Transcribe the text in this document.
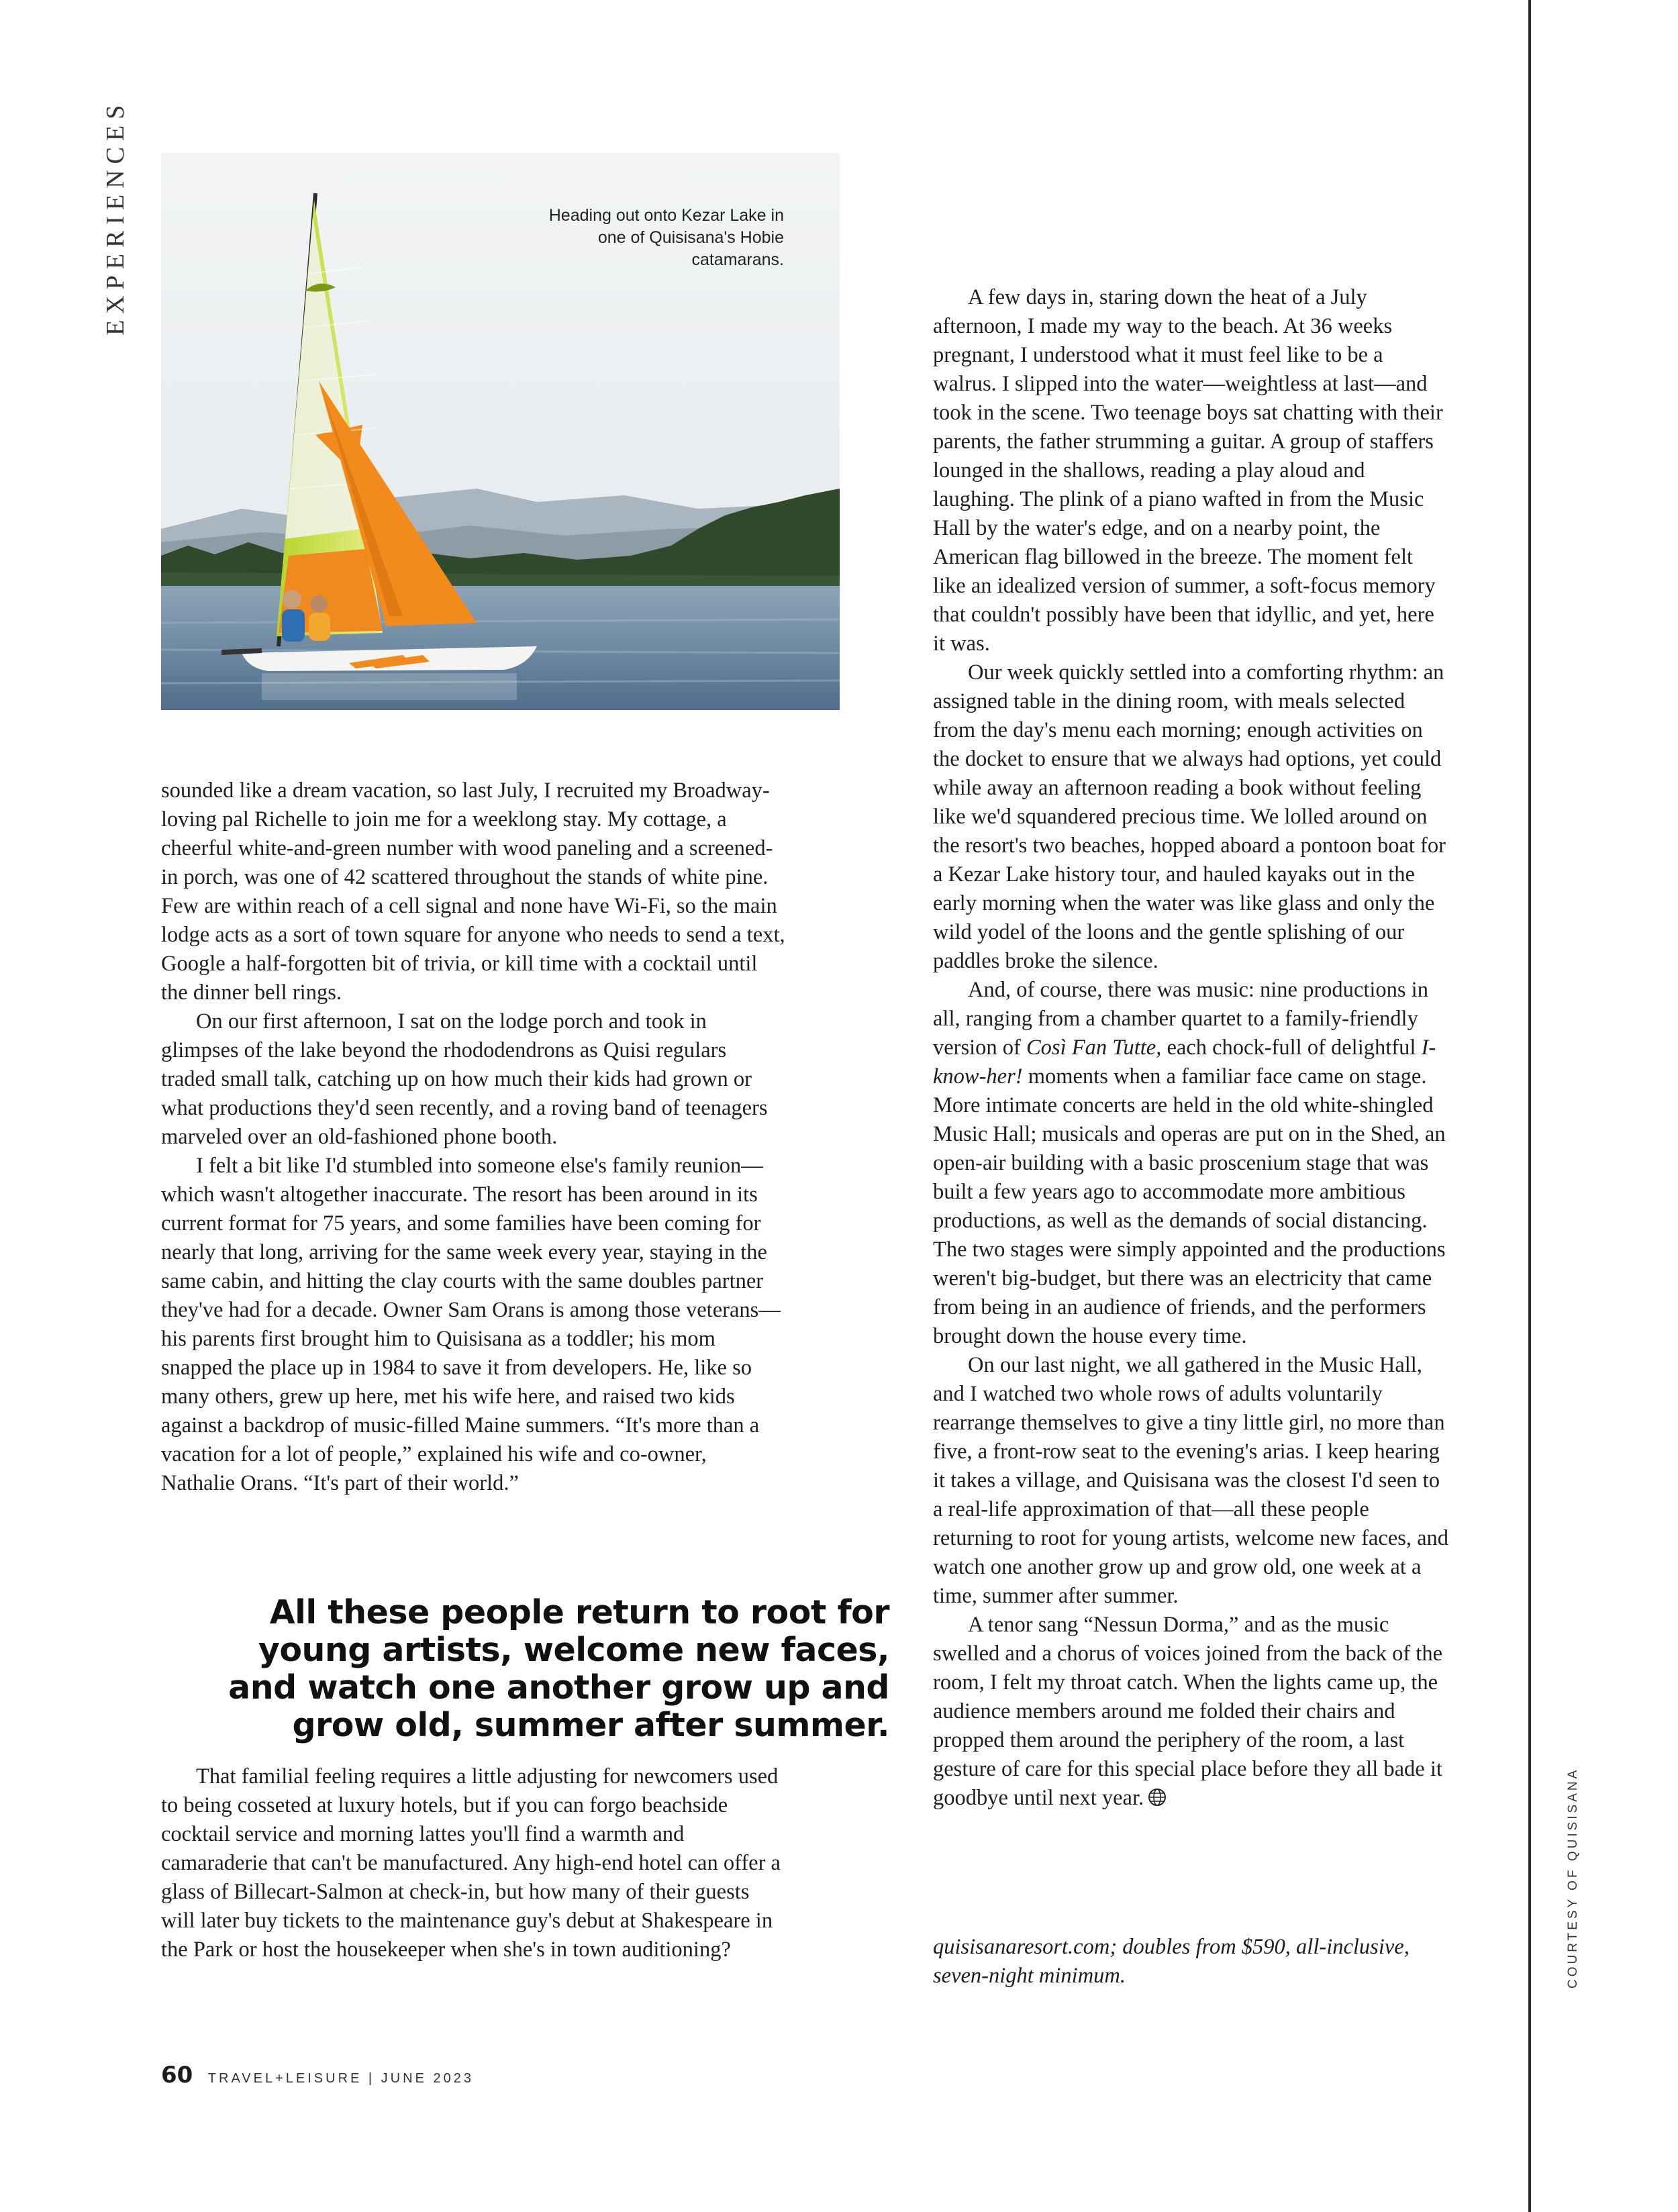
EXPERIENCES	Heading out onto Kezar Lake in one of Quisisana's Hobie catamarans.
COURTESY OF QUISISANA

sounded like a dream vacation, so last July, I recruited my Broadway-loving pal Richelle to join me for a weeklong stay. My cottage, a cheerful white-and-green number with wood paneling and a screened-in porch, was one of 42 scattered throughout the stands of white pine. Few are within reach of a cell signal and none have Wi-Fi, so the main lodge acts as a sort of town square for anyone who needs to send a text, Google a half-forgotten bit of trivia, or kill time with a cocktail until the dinner bell rings.

On our first afternoon, I sat on the lodge porch and took in glimpses of the lake beyond the rhododendrons as Quisi regulars traded small talk, catching up on how much their kids had grown or what productions they'd seen recently, and a roving band of teenagers marveled over an old-fashioned phone booth.

I felt a bit like I'd stumbled into someone else's family reunion—which wasn't altogether inaccurate. The resort has been around in its current format for 75 years, and some families have been coming for nearly that long, arriving for the same week every year, staying in the same cabin, and hitting the clay courts with the same doubles partner they've had for a decade. Owner Sam Orans is among those veterans—his parents first brought him to Quisisana as a toddler; his mom snapped the place up in 1984 to save it from developers. He, like so many others, grew up here, met his wife here, and raised two kids against a backdrop of music-filled Maine summers. “It's more than a vacation for a lot of people,” explained his wife and co-owner, Nathalie Orans. “It's part of their world.”

All these people return to root for young artists, welcome new faces, and watch one another grow up and grow old, summer after summer.

That familial feeling requires a little adjusting for newcomers used to being cosseted at luxury hotels, but if you can forgo beachside cocktail service and morning lattes you'll find a warmth and camaraderie that can't be manufactured. Any high-end hotel can offer a glass of Billecart-Salmon at check-in, but how many of their guests will later buy tickets to the maintenance guy's debut at Shakespeare in the Park or host the housekeeper when she's in town auditioning?

A few days in, staring down the heat of a July afternoon, I made my way to the beach. At 36 weeks pregnant, I understood what it must feel like to be a walrus. I slipped into the water—weightless at last—and took in the scene. Two teenage boys sat chatting with their parents, the father strumming a guitar. A group of staffers lounged in the shallows, reading a play aloud and laughing. The plink of a piano wafted in from the Music Hall by the water's edge, and on a nearby point, the American flag billowed in the breeze. The moment felt like an idealized version of summer, a soft-focus memory that couldn't possibly have been that idyllic, and yet, here it was.

Our week quickly settled into a comforting rhythm: an assigned table in the dining room, with meals selected from the day's menu each morning; enough activities on the docket to ensure that we always had options, yet could while away an afternoon reading a book without feeling like we'd squandered precious time. We lolled around on the resort's two beaches, hopped aboard a pontoon boat for a Kezar Lake history tour, and hauled kayaks out in the early morning when the water was like glass and only the wild yodel of the loons and the gentle splishing of our paddles broke the silence.

And, of course, there was music: nine productions in all, ranging from a chamber quartet to a family-friendly version of Così Fan Tutte, each chock-full of delightful I-know-her! moments when a familiar face came on stage. More intimate concerts are held in the old white-shingled Music Hall; musicals and operas are put on in the Shed, an open-air building with a basic proscenium stage that was built a few years ago to accommodate more ambitious productions, as well as the demands of social distancing. The two stages were simply appointed and the productions weren't big-budget, but there was an electricity that came from being in an audience of friends, and the performers brought down the house every time.

On our last night, we all gathered in the Music Hall, and I watched two whole rows of adults voluntarily rearrange themselves to give a tiny little girl, no more than five, a front-row seat to the evening's arias. I keep hearing it takes a village, and Quisisana was the closest I'd seen to a real-life approximation of that—all these people returning to root for young artists, welcome new faces, and watch one another grow up and grow old, one week at a time, summer after summer.

A tenor sang “Nessun Dorma,” and as the music swelled and a chorus of voices joined from the back of the room, I felt my throat catch. When the lights came up, the audience members around me folded their chairs and propped them around the periphery of the room, a last gesture of care for this special place before they all bade it goodbye until next year.

quisisanaresort.com; doubles from $590, all-inclusive, seven-night minimum.
60 TRAVEL+LEISURE | JUNE 2023
